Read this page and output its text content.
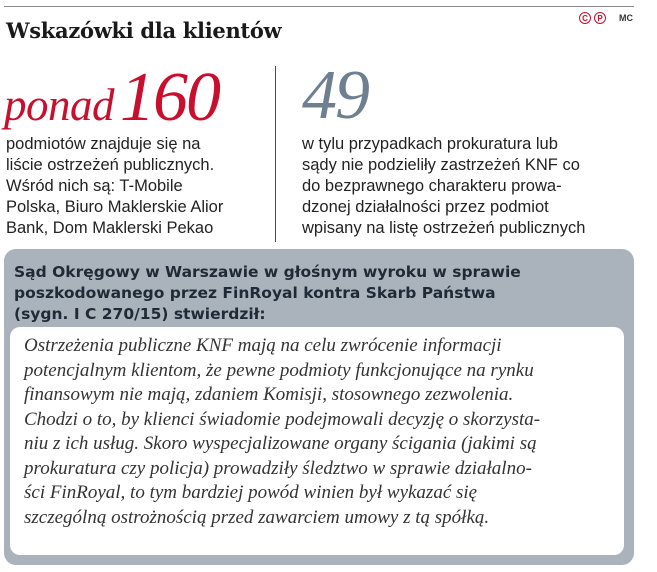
Wskazówki dla klientów	C	P	MC
ponad160 49
podmiotów znajduje się na
liście ostrzeżeń publicznych.
Wśród nich są: T-Mobile
Polska, Biuro Maklerskie Alior
Bank, Dom Maklerski Pekao
w tylu przypadkach prokuratura lub
sądy nie podzieliły zastrzeżeń KNF co
do bezprawnego charakteru prowa-
dzonej działalności przez podmiot
wpisany na listę ostrzeżeń publicznych
Sąd Okręgowy w Warszawie w głośnym wyroku w sprawie
poszkodowanego przez FinRoyal kontra Skarb Państwa
(sygn. I C 270/15) stwierdził:
Ostrzeżenia publiczne KNF mają na celu zwrócenie informacji
potencjalnym klientom, że pewne podmioty funkcjonujące na rynku
finansowym nie mają, zdaniem Komisji, stosownego zezwolenia.
Chodzi o to, by klienci świadomie podejmowali decyzję o skorzysta-
niu z ich usług. Skoro wyspecjalizowane organy ścigania (jakimi są
prokuratura czy policja) prowadziły śledztwo w sprawie działalno-
ści FinRoyal, to tym bardziej powód winien był wykazać się
szczególną ostrożnością przed zawarciem umowy z tą spółką.
